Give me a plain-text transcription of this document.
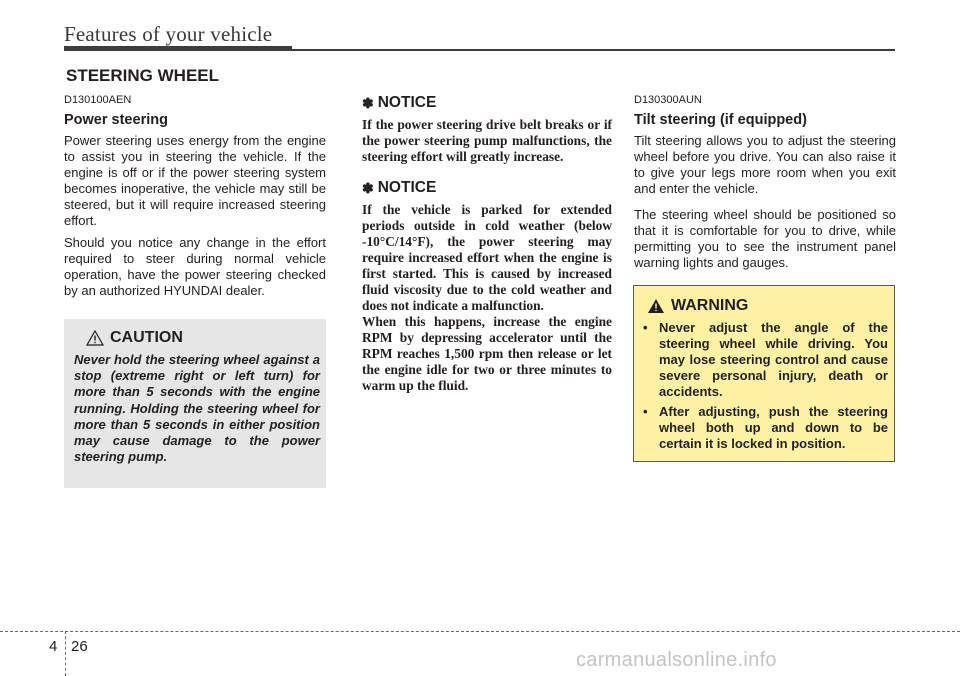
Features of your vehicle
STEERING WHEEL

D130100AEN

Power steering

Power steering uses energy from the engine to assist you in steering the vehicle. If the engine is off or if the power steering system becomes inoperative, the vehicle may still be steered, but it will require increased steering effort.

Should you notice any change in the effort required to steer during normal vehicle operation, have the power steering checked by an authorized HYUNDAI dealer.

CAUTION

Never hold the steering wheel against a stop (extreme right or left turn) for more than 5 seconds with the engine running. Holding the steering wheel for more than 5 seconds in either position may cause damage to the power steering pump.

✽ NOTICE

If the power steering drive belt breaks or if the power steering pump malfunctions, the steering effort will greatly increase.

✽ NOTICE

If the vehicle is parked for extended periods outside in cold weather (below -10°C/14°F), the power steering may require increased effort when the engine is first started. This is caused by increased fluid viscosity due to the cold weather and does not indicate a malfunction.

When this happens, increase the engine RPM by depressing accelerator until the RPM reaches 1,500 rpm then release or let the engine idle for two or three minutes to warm up the fluid.

D130300AUN

Tilt steering (if equipped)

Tilt steering allows you to adjust the steering wheel before you drive. You can also raise it to give your legs more room when you exit and enter the vehicle.

The steering wheel should be positioned so that it is comfortable for you to drive, while permitting you to see the instrument panel warning lights and gauges.

WARNING
• Never adjust the angle of the steering wheel while driving. You may lose steering control and cause severe personal injury, death or accidents.
• After adjusting, push the steering wheel both up and down to be certain it is locked in position.
4 26
carmanualsonline.info
